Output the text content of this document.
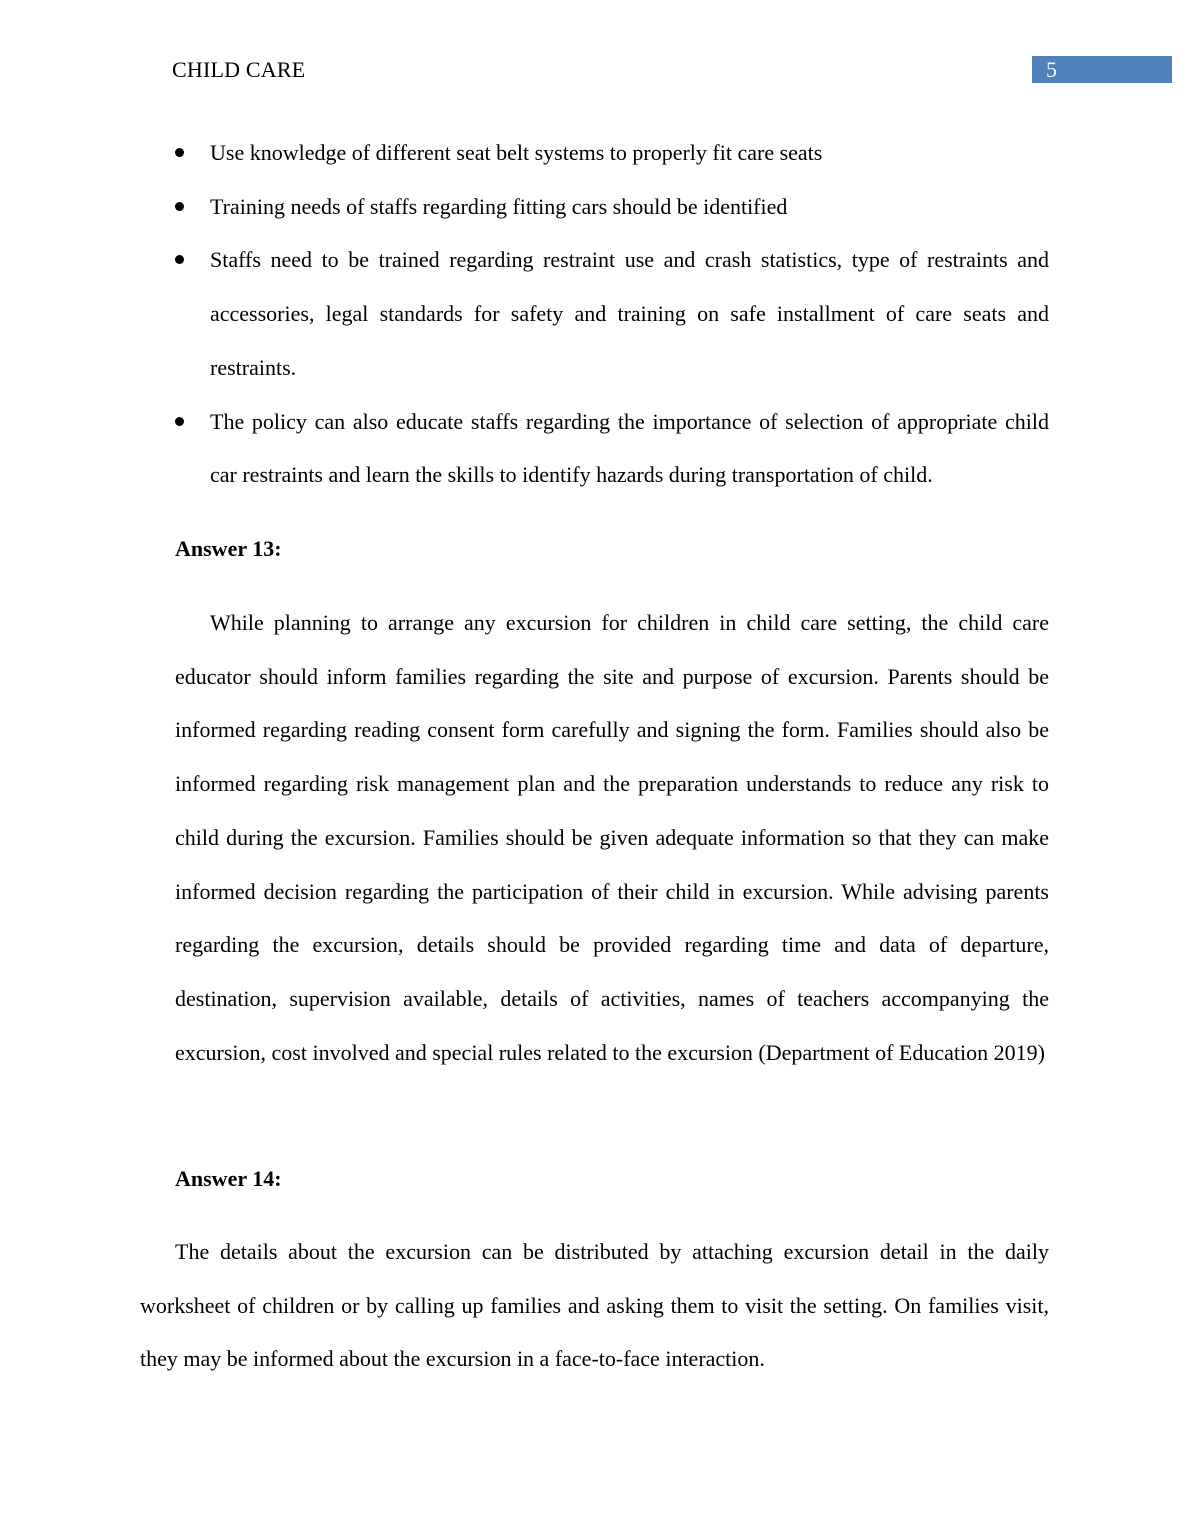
CHILD CARE	5
Use knowledge of different seat belt systems to properly fit care seats
Training needs of staffs regarding fitting cars should be identified
Staffs need to be trained regarding restraint use and crash statistics, type of restraints and accessories, legal standards for safety and training on safe installment of care seats and restraints.
The policy can also educate staffs regarding the importance of selection of appropriate child car restraints and learn the skills to identify hazards during transportation of child.
Answer 13:

While planning to arrange any excursion for children in child care setting, the child care educator should inform families regarding the site and purpose of excursion. Parents should be informed regarding reading consent form carefully and signing the form. Families should also be informed regarding risk management plan and the preparation understands to reduce any risk to child during the excursion. Families should be given adequate information so that they can make informed decision regarding the participation of their child in excursion. While advising parents regarding the excursion, details should be provided regarding time and data of departure, destination, supervision available, details of activities, names of teachers accompanying the excursion, cost involved and special rules related to the excursion (Department of Education 2019)

Answer 14:

The details about the excursion can be distributed by attaching excursion detail in the daily worksheet of children or by calling up families and asking them to visit the setting. On families visit, they may be informed about the excursion in a face-to-face interaction.
